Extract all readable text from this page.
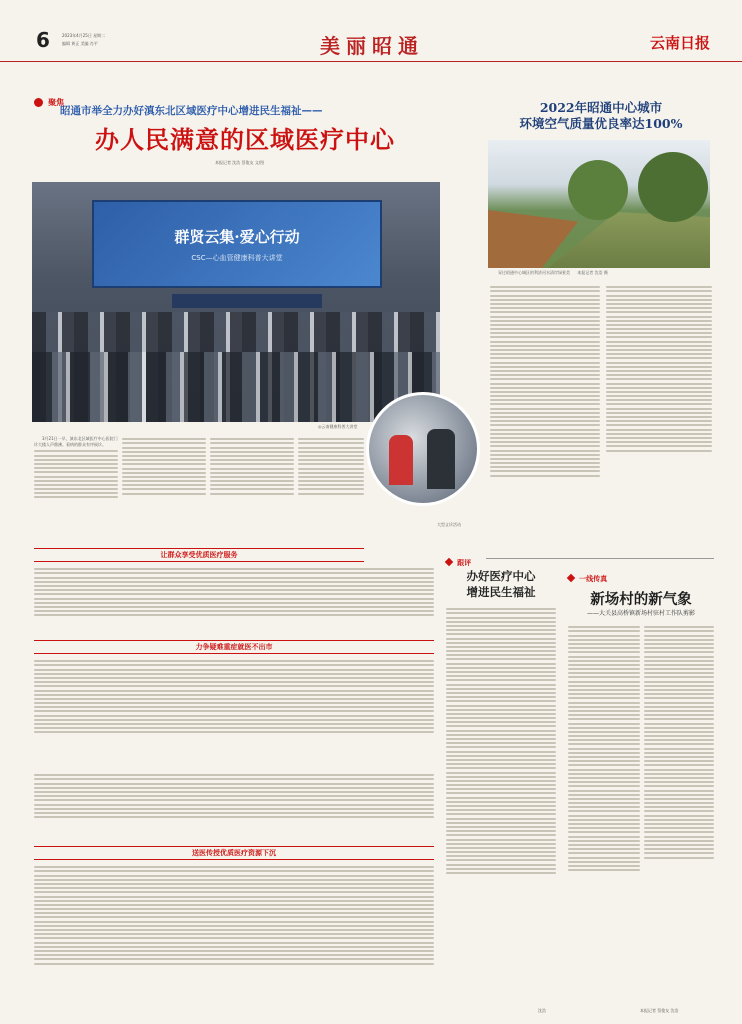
6	2023年4月25日 星期二
编辑 黄正 美编 肖平	美丽昭通	云南日报
聚焦
昭通市举全力办好滇东北区域医疗中心增进民生福祉——
办人民满意的区域医疗中心
本报记者 沈浩 蔡俊友 文/图
群贤云集·爱心行动
CSC—心血管健康科普大讲堂
◎云南健康科普大讲堂
大型义诊活动

3月21日一早，滇东北区域医疗中心医院门诊大楼人声鼎沸。看病的群众有序候诊。

让群众享受优质医疗服务
力争疑难重症就医不出市
送医传授优质医疗资源下沉
2022年昭通中心城市
环境空气质量优良率达100%
穿过昭通中心城区的利济河水清岸绿景美 本报记者 沈浩 摄
跟评
办好医疗中心
增进民生福祉
沈浩
一线传真
新场村的新气象
——大关县高桥镇新场村驻村工作队剪影
本报记者 蔡俊友 沈浩
